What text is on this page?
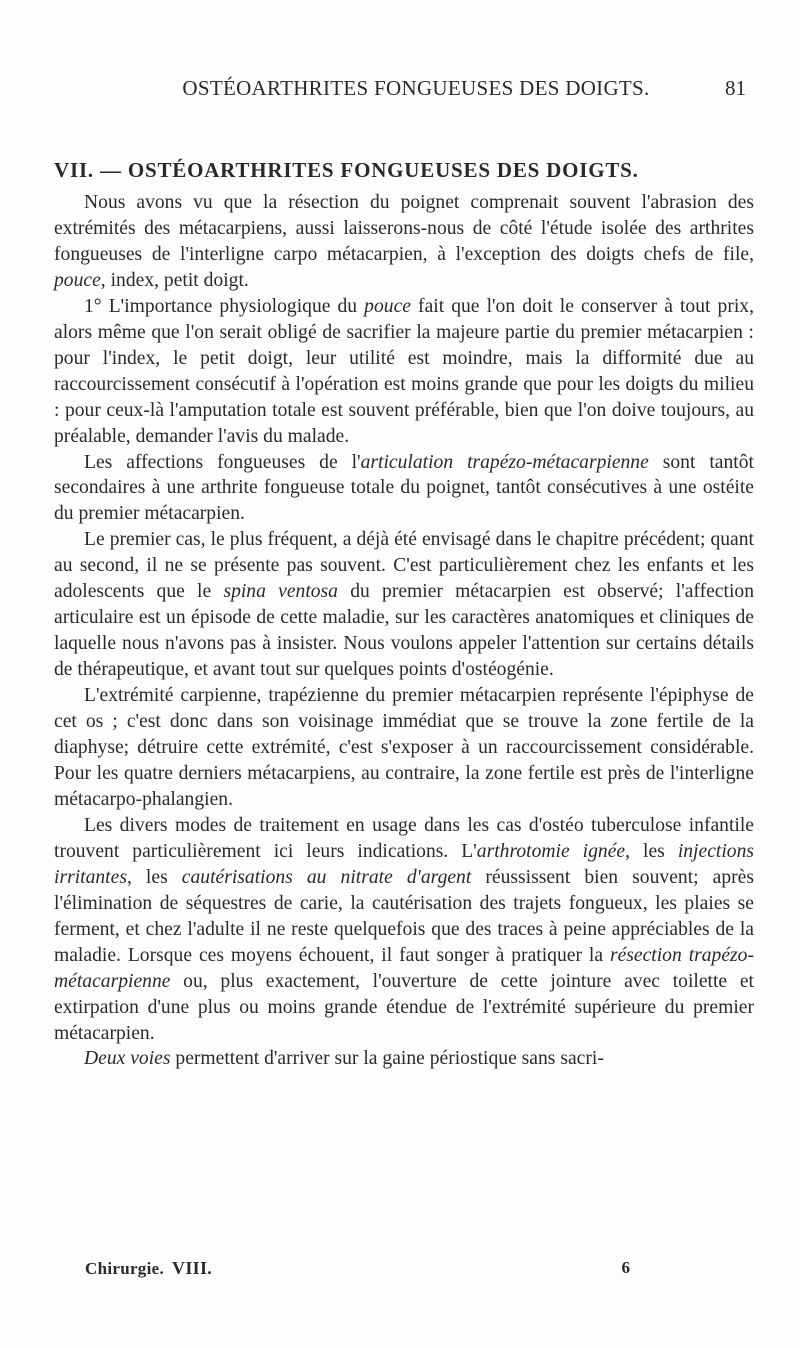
OSTÉOARTHRITES FONGUEUSES DES DOIGTS.	81
VII. — OSTÉOARTHRITES FONGUEUSES DES DOIGTS.

Nous avons vu que la résection du poignet comprenait souvent l'abrasion des extrémités des métacarpiens, aussi laisserons-nous de côté l'étude isolée des arthrites fongueuses de l'interligne carpo métacarpien, à l'exception des doigts chefs de file, pouce, index, petit doigt.

1° L'importance physiologique du pouce fait que l'on doit le conserver à tout prix, alors même que l'on serait obligé de sacrifier la majeure partie du premier métacarpien : pour l'index, le petit doigt, leur utilité est moindre, mais la difformité due au raccourcissement consécutif à l'opération est moins grande que pour les doigts du milieu : pour ceux-là l'amputation totale est souvent préférable, bien que l'on doive toujours, au préalable, demander l'avis du malade.

Les affections fongueuses de l'articulation trapézo-métacarpienne sont tantôt secondaires à une arthrite fongueuse totale du poignet, tantôt consécutives à une ostéite du premier métacarpien.

Le premier cas, le plus fréquent, a déjà été envisagé dans le chapitre précédent; quant au second, il ne se présente pas souvent. C'est particulièrement chez les enfants et les adolescents que le spina ventosa du premier métacarpien est observé; l'affection articulaire est un épisode de cette maladie, sur les caractères anatomiques et cliniques de laquelle nous n'avons pas à insister. Nous voulons appeler l'attention sur certains détails de thérapeutique, et avant tout sur quelques points d'ostéogénie.

L'extrémité carpienne, trapézienne du premier métacarpien représente l'épiphyse de cet os ; c'est donc dans son voisinage immédiat que se trouve la zone fertile de la diaphyse; détruire cette extrémité, c'est s'exposer à un raccourcissement considérable. Pour les quatre derniers métacarpiens, au contraire, la zone fertile est près de l'interligne métacarpo-phalangien.

Les divers modes de traitement en usage dans les cas d'ostéo tuberculose infantile trouvent particulièrement ici leurs indications. L'arthrotomie ignée, les injections irritantes, les cautérisations au nitrate d'argent réussissent bien souvent; après l'élimination de séquestres de carie, la cautérisation des trajets fongueux, les plaies se ferment, et chez l'adulte il ne reste quelquefois que des traces à peine appréciables de la maladie. Lorsque ces moyens échouent, il faut songer à pratiquer la résection trapézo-métacarpienne ou, plus exactement, l'ouverture de cette jointure avec toilette et extirpation d'une plus ou moins grande étendue de l'extrémité supérieure du premier métacarpien.

Deux voies permettent d'arriver sur la gaine périostique sans sacri-

Chirurgie. VIII.	6
